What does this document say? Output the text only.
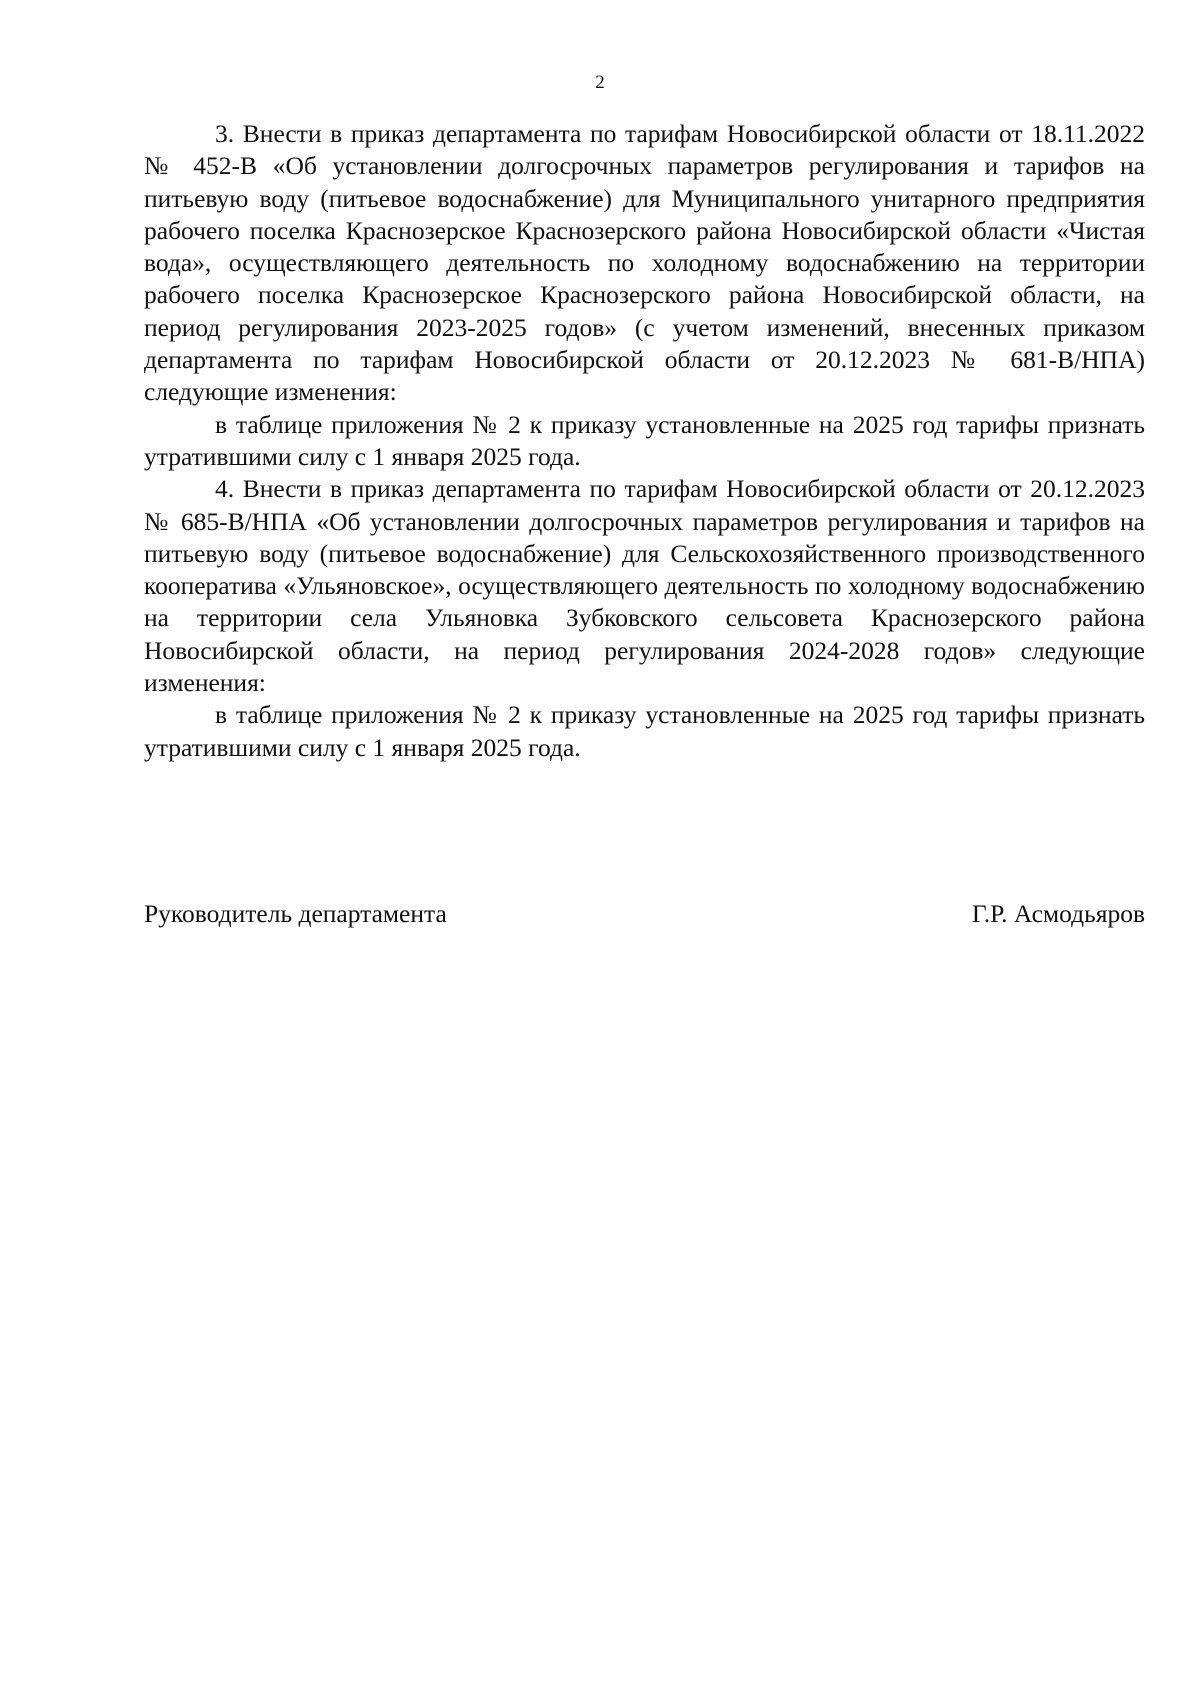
2

3. Внести в приказ департамента по тарифам Новосибирской области от 18.11.2022 № 452-В «Об установлении долгосрочных параметров регулирования и тарифов на питьевую воду (питьевое водоснабжение) для Муниципального унитарного предприятия рабочего поселка Краснозерское Краснозерского района Новосибирской области «Чистая вода», осуществляющего деятельность по холодному водоснабжению на территории рабочего поселка Краснозерское Краснозерского района Новосибирской области, на период регулирования 2023-2025 годов» (с учетом изменений, внесенных приказом департамента по тарифам Новосибирской области от 20.12.2023 № 681-В/НПА) следующие изменения:

в таблице приложения № 2 к приказу установленные на 2025 год тарифы признать утратившими силу с 1 января 2025 года.

4. Внести в приказ департамента по тарифам Новосибирской области от 20.12.2023 № 685-В/НПА «Об установлении долгосрочных параметров регулирования и тарифов на питьевую воду (питьевое водоснабжение) для Сельскохозяйственного производственного кооператива «Ульяновское», осуществляющего деятельность по холодному водоснабжению на территории села Ульяновка Зубковского сельсовета Краснозерского района Новосибирской области, на период регулирования 2024-2028 годов» следующие изменения:

в таблице приложения № 2 к приказу установленные на 2025 год тарифы признать утратившими силу с 1 января 2025 года.

Руководитель департамента	Г.Р. Асмодьяров
